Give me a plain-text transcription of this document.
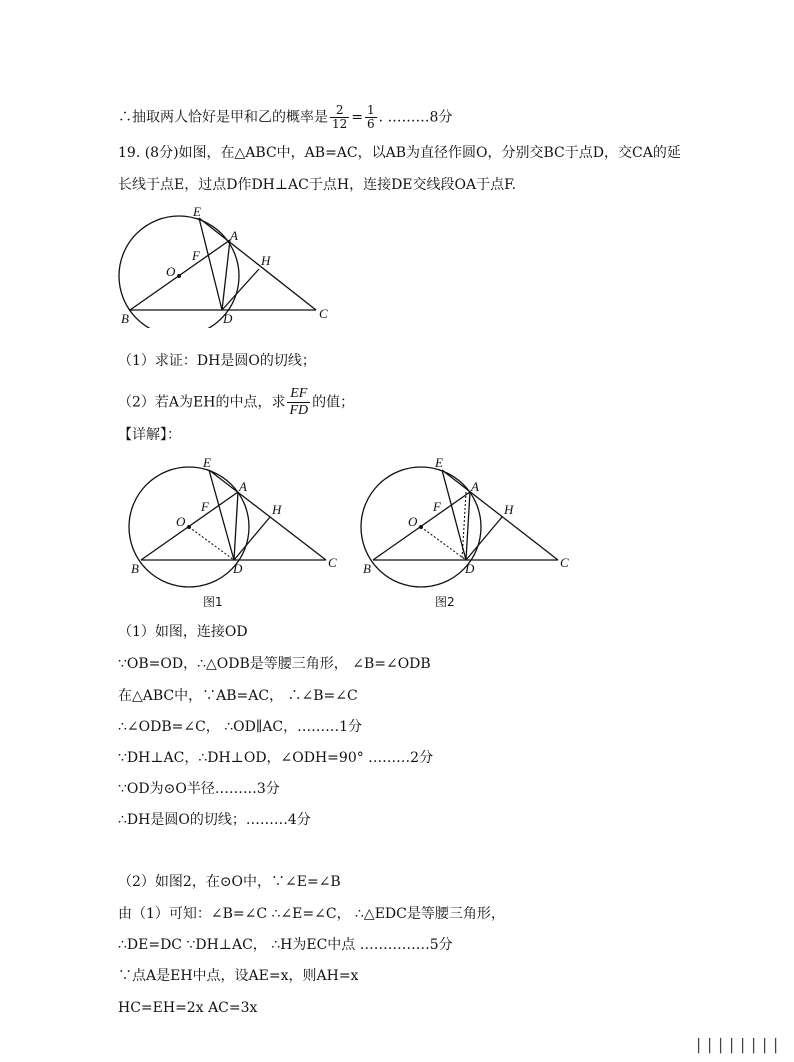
∴抽取两人恰好是甲和乙的概率是 $\frac{2}{12} = \frac{1}{6}$ . ………8分
19. (8分)如图，在△ABC中，AB=AC，以AB为直径作圆O，分别交BC于点D，交CA的延
长线于点E，过点D作DH⊥AC于点H，连接DE交线段OA于点F.
E
A
F
O
H
B	D	C
（1）求证：DH是圆O的切线；
（2）若A为EH的中点，求 $\frac{EF}{FD}$ 的值；
【详解】：
E
A
F
O
H
B	D	C
图1
E
A
F
O
H
B	D	C
图2
（1）如图，连接OD
∵OB=OD，∴△ODB是等腰三角形， ∠B=∠ODB
在△ABC中，∵AB=AC， ∴∠B=∠C
∴∠ODB=∠C， ∴OD∥AC，………1分
∵DH⊥AC，∴DH⊥OD，∠ODH=90° ………2分
∵OD为⊙O半径………3分
∴DH是圆O的切线；………4分
（2）如图2，在⊙O中，∵∠E=∠B
由（1）可知：∠B=∠C ∴∠E=∠C， ∴△EDC是等腰三角形，
∴DE=DC ∵DH⊥AC， ∴H为EC中点 ……………5分
∵点A是EH中点，设AE=x，则AH=x
HC=EH=2x AC=3x
▏▏▏▏▏▏▏▏
